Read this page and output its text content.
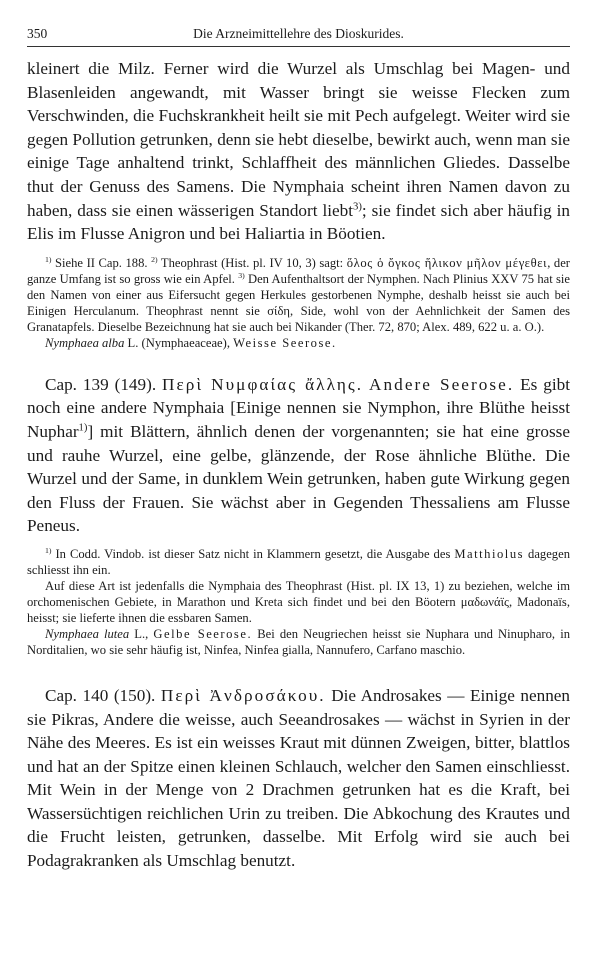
350	Die Arzneimittellehre des Dioskurides.

kleinert die Milz. Ferner wird die Wurzel als Umschlag bei Magen- und Blasenleiden angewandt, mit Wasser bringt sie weisse Flecken zum Verschwinden, die Fuchskrankheit heilt sie mit Pech aufgelegt. Weiter wird sie gegen Pollution getrunken, denn sie hebt dieselbe, bewirkt auch, wenn man sie einige Tage anhaltend trinkt, Schlaffheit des männlichen Gliedes. Dasselbe thut der Genuss des Samens. Die Nymphaia scheint ihren Namen davon zu haben, dass sie einen wässerigen Standort liebt$^{3)}$; sie findet sich aber häufig in Elis im Flusse Anigron und bei Haliartia in Böotien.

$^{1)}$ Siehe II Cap. 188. $^{2)}$ Theophrast (Hist. pl. IV 10, 3) sagt: ὅλος ὁ ὄγκος ἥλικον μῆλον μέγεθει, der ganze Umfang ist so gross wie ein Apfel. $^{3)}$ Den Aufenthaltsort der Nymphen. Nach Plinius XXV 75 hat sie den Namen von einer aus Eifersucht gegen Herkules gestorbenen Nymphe, deshalb heisst sie auch bei Einigen Herculanum. Theophrast nennt sie σίδη, Side, wohl von der Aehnlichkeit der Samen des Granatapfels. Dieselbe Bezeichnung hat sie auch bei Nikander (Ther. 72, 870; Alex. 489, 622 u. a. O.).

Nymphaea alba L. (Nymphaeaceae), Weisse Seerose.

Cap. 139 (149). Περὶ Νυμφαίας ἄλλης. Andere Seerose. Es gibt noch eine andere Nymphaia [Einige nennen sie Nymphon, ihre Blüthe heisst Nuphar$^{1)}$] mit Blättern, ähnlich denen der vorgenannten; sie hat eine grosse und rauhe Wurzel, eine gelbe, glänzende, der Rose ähnliche Blüthe. Die Wurzel und der Same, in dunklem Wein getrunken, haben gute Wirkung gegen den Fluss der Frauen. Sie wächst aber in Gegenden Thessaliens am Flusse Peneus.

$^{1)}$ In Codd. Vindob. ist dieser Satz nicht in Klammern gesetzt, die Ausgabe des Matthiolus dagegen schliesst ihn ein.

Auf diese Art ist jedenfalls die Nymphaia des Theophrast (Hist. pl. IX 13, 1) zu beziehen, welche im orchomenischen Gebiete, in Marathon und Kreta sich findet und bei den Böotern μαδωνάϊς, Madonaïs, heisst; sie lieferte ihnen die essbaren Samen.

Nymphaea lutea L., Gelbe Seerose. Bei den Neugriechen heisst sie Nuphara und Ninupharo, in Norditalien, wo sie sehr häufig ist, Ninfea, Ninfea gialla, Nannufero, Carfano maschio.

Cap. 140 (150). Περὶ Ἀνδροσάκου. Die Androsakes — Einige nennen sie Pikras, Andere die weisse, auch Seeandrosakes — wächst in Syrien in der Nähe des Meeres. Es ist ein weisses Kraut mit dünnen Zweigen, bitter, blattlos und hat an der Spitze einen kleinen Schlauch, welcher den Samen einschliesst. Mit Wein in der Menge von 2 Drachmen getrunken hat es die Kraft, bei Wassersüchtigen reichlichen Urin zu treiben. Die Abkochung des Krautes und die Frucht leisten, getrunken, dasselbe. Mit Erfolg wird sie auch bei Podagrakranken als Umschlag benutzt.
